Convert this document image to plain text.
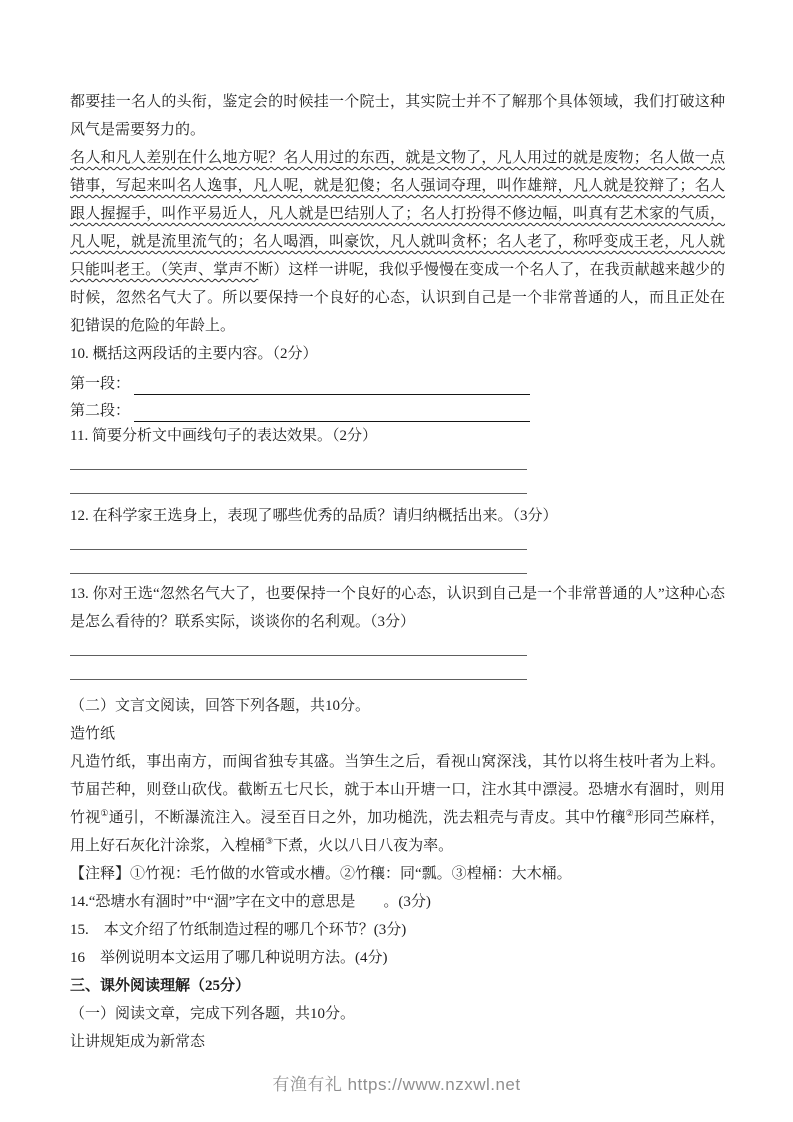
都要挂一名人的头衔，鉴定会的时候挂一个院士，其实院士并不了解那个具体领域，我们打破这种风气是需要努力的。

名人和凡人差别在什么地方呢？名人用过的东西，就是文物了，凡人用过的就是废物；名人做一点错事，写起来叫名人逸事，凡人呢，就是犯傻；名人强词夺理，叫作雄辩，凡人就是狡辩了；名人跟人握握手，叫作平易近人，凡人就是巴结别人了；名人打扮得不修边幅，叫真有艺术家的气质，凡人呢，就是流里流气的；名人喝酒，叫豪饮，凡人就叫贪杯；名人老了，称呼变成王老，凡人就只能叫老王。（笑声、掌声不断）这样一讲呢，我似乎慢慢在变成一个名人了，在我贡献越来越少的时候，忽然名气大了。所以要保持一个良好的心态，认识到自己是一个非常普通的人，而且正处在犯错误的危险的年龄上。

10. 概括这两段话的主要内容。（2分）

第一段：
第二段：

11. 简要分析文中画线句子的表达效果。（2分）

12. 在科学家王选身上，表现了哪些优秀的品质？请归纳概括出来。（3分）

13. 你对王选“忽然名气大了，也要保持一个良好的心态，认识到自己是一个非常普通的人”这种心态是怎么看待的？联系实际，谈谈你的名利观。（3分）

（二）文言文阅读，回答下列各题，共10分。

造竹纸

凡造竹纸，事出南方，而闽省独专其盛。当笋生之后，看视山窝深浅，其竹以将生枝叶者为上料。节届芒种，则登山砍伐。截断五七尺长，就于本山开塘一口，注水其中漂浸。恐塘水有涸时，则用竹视①通引，不断瀑流注入。浸至百日之外，加功槌洗，洗去粗壳与青皮。其中竹穰②形同苎麻样，用上好石灰化汁涂浆，入楻桶③下煮，火以八日八夜为率。

【注释】①竹视：毛竹做的水管或水槽。②竹穰：同“瓢。③楻桶：大木桶。

14.“恐塘水有涸时”中“涸”字在文中的意思是 。(3分)

15.　本文介绍了竹纸制造过程的哪几个环节？(3分)

16　举例说明本文运用了哪几种说明方法。(4分)

三、课外阅读理解（25分）

（一）阅读文章，完成下列各题，共10分。

让讲规矩成为新常态

有渔有礼 https://www.nzxwl.net
